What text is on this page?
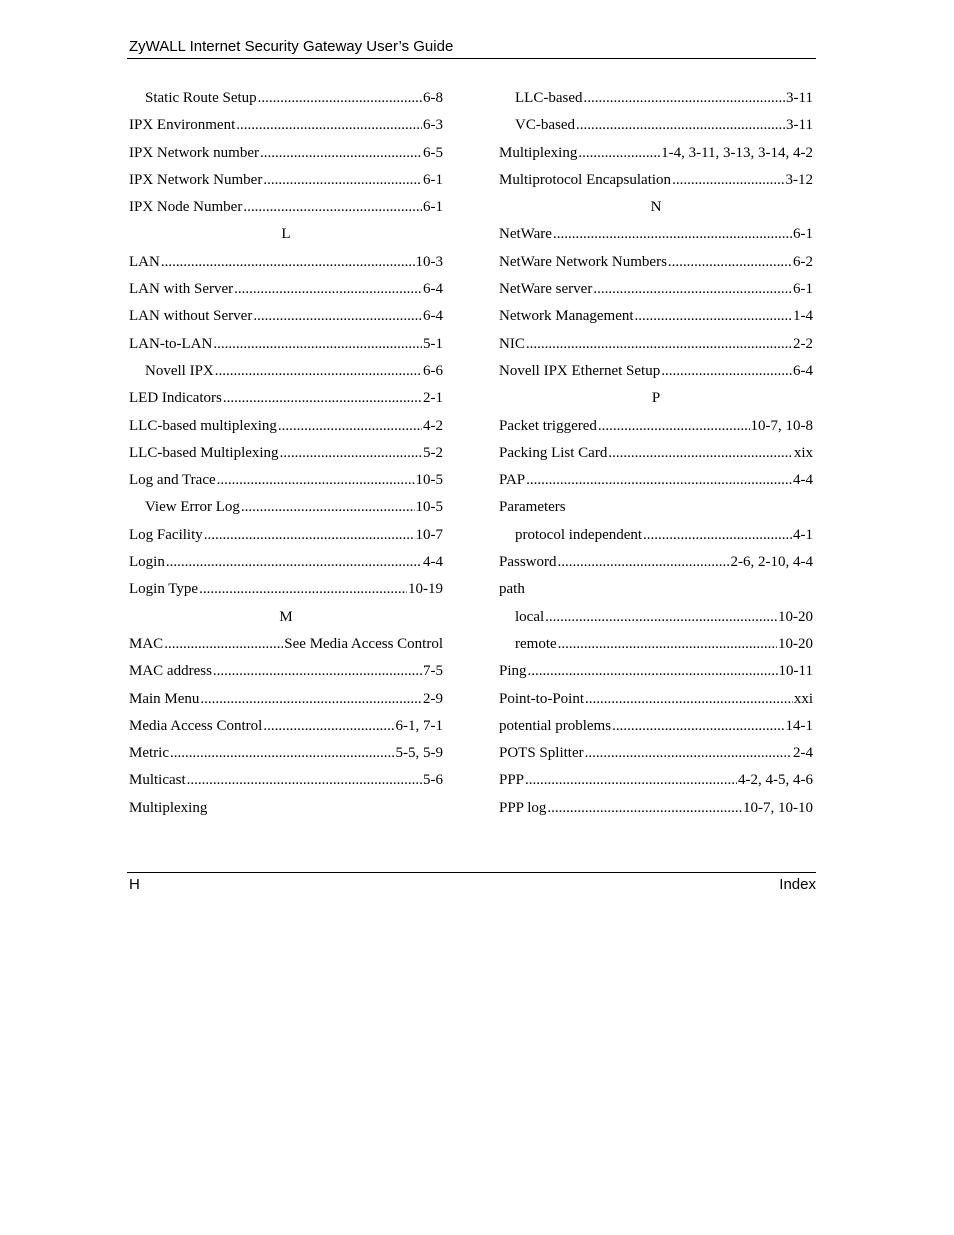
ZyWALL Internet Security Gateway User’s Guide
Static Route Setup .....	6-8
IPX Environment .....	6-3
IPX Network number .....	6-5
IPX Network Number .....	6-1
IPX Node Number .....	6-1
L
LAN .....	10-3
LAN with Server .....	6-4
LAN without Server .....	6-4
LAN-to-LAN .....	5-1
Novell IPX .....	6-6
LED Indicators .....	2-1
LLC-based multiplexing .....	4-2
LLC-based Multiplexing .....	5-2
Log and Trace .....	10-5
View Error Log .....	10-5
Log Facility .....	10-7
Login .....	4-4
Login Type .....	10-19
M
MAC .....	See Media Access Control
MAC address .....	7-5
Main Menu .....	2-9
Media Access Control .....	6-1, 7-1
Metric .....	5-5, 5-9
Multicast .....	5-6
Multiplexing
LLC-based .....	3-11
VC-based .....	3-11
Multiplexing .....	1-4, 3-11, 3-13, 3-14, 4-2
Multiprotocol Encapsulation .....	3-12
N
NetWare .....	6-1
NetWare Network Numbers .....	6-2
NetWare server .....	6-1
Network Management .....	1-4
NIC .....	2-2
Novell IPX Ethernet Setup .....	6-4
P
Packet triggered .....	10-7, 10-8
Packing List Card .....	xix
PAP .....	4-4
Parameters
protocol independent .....	4-1
Password .....	2-6, 2-10, 4-4
path
local .....	10-20
remote .....	10-20
Ping .....	10-11
Point-to-Point .....	xxi
potential problems .....	14-1
POTS Splitter .....	2-4
PPP .....	4-2, 4-5, 4-6
PPP log .....	10-7, 10-10
H	Index
